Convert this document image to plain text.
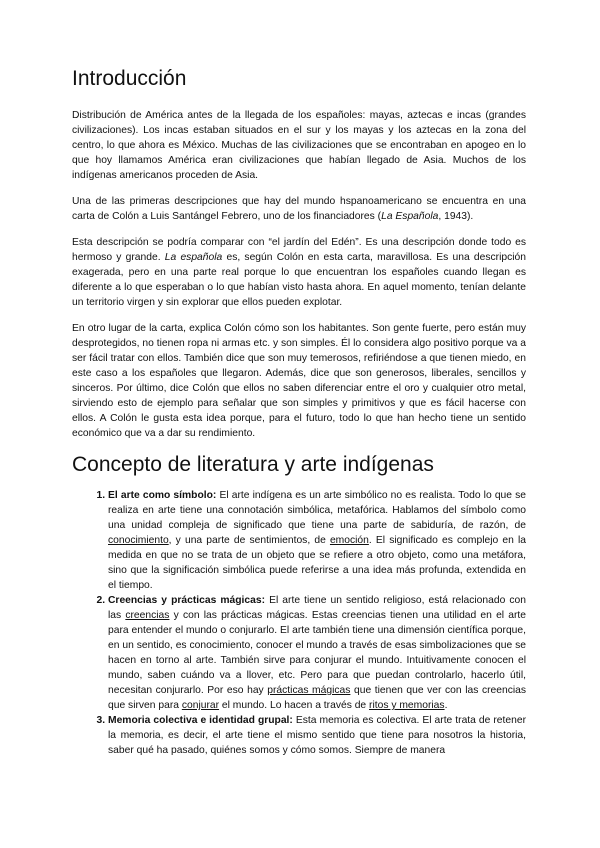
Introducción

Distribución de América antes de la llegada de los españoles: mayas, aztecas e incas (grandes civilizaciones). Los incas estaban situados en el sur y los mayas y los aztecas en la zona del centro, lo que ahora es México. Muchas de las civilizaciones que se encontraban en apogeo en lo que hoy llamamos América eran civilizaciones que habían llegado de Asia. Muchos de los indígenas americanos proceden de Asia.

Una de las primeras descripciones que hay del mundo hspanoamericano se encuentra en una carta de Colón a Luis Santángel Febrero, uno de los financiadores (La Española, 1943).

Esta descripción se podría comparar con “el jardín del Edén”. Es una descripción donde todo es hermoso y grande. La española es, según Colón en esta carta, maravillosa. Es una descripción exagerada, pero en una parte real porque lo que encuentran los españoles cuando llegan es diferente a lo que esperaban o lo que habían visto hasta ahora. En aquel momento, tenían delante un territorio virgen y sin explorar que ellos pueden explotar.

En otro lugar de la carta, explica Colón cómo son los habitantes. Son gente fuerte, pero están muy desprotegidos, no tienen ropa ni armas etc. y son simples. Él lo considera algo positivo porque va a ser fácil tratar con ellos. También dice que son muy temerosos, refiriéndose a que tienen miedo, en este caso a los españoles que llegaron. Además, dice que son generosos, liberales, sencillos y sinceros. Por último, dice Colón que ellos no saben diferenciar entre el oro y cualquier otro metal, sirviendo esto de ejemplo para señalar que son simples y primitivos y que es fácil hacerse con ellos. A Colón le gusta esta idea porque, para el futuro, todo lo que han hecho tiene un sentido económico que va a dar su rendimiento.

Concepto de literatura y arte indígenas
1. El arte como símbolo: El arte indígena es un arte simbólico no es realista. Todo lo que se realiza en arte tiene una connotación simbólica, metafórica. Hablamos del símbolo como una unidad compleja de significado que tiene una parte de sabiduría, de razón, de conocimiento, y una parte de sentimientos, de emoción. El significado es complejo en la medida en que no se trata de un objeto que se refiere a otro objeto, como una metáfora, sino que la significación simbólica puede referirse a una idea más profunda, extendida en el tiempo.
2. Creencias y prácticas mágicas: El arte tiene un sentido religioso, está relacionado con las creencias y con las prácticas mágicas. Estas creencias tienen una utilidad en el arte para entender el mundo o conjurarlo. El arte también tiene una dimensión científica porque, en un sentido, es conocimiento, conocer el mundo a través de esas simbolizaciones que se hacen en torno al arte. También sirve para conjurar el mundo. Intuitivamente conocen el mundo, saben cuándo va a llover, etc. Pero para que puedan controlarlo, hacerlo útil, necesitan conjurarlo. Por eso hay prácticas mágicas que tienen que ver con las creencias que sirven para conjurar el mundo. Lo hacen a través de ritos y memorias.
3. Memoria colectiva e identidad grupal: Esta memoria es colectiva. El arte trata de retener la memoria, es decir, el arte tiene el mismo sentido que tiene para nosotros la historia, saber qué ha pasado, quiénes somos y cómo somos. Siempre de manera
